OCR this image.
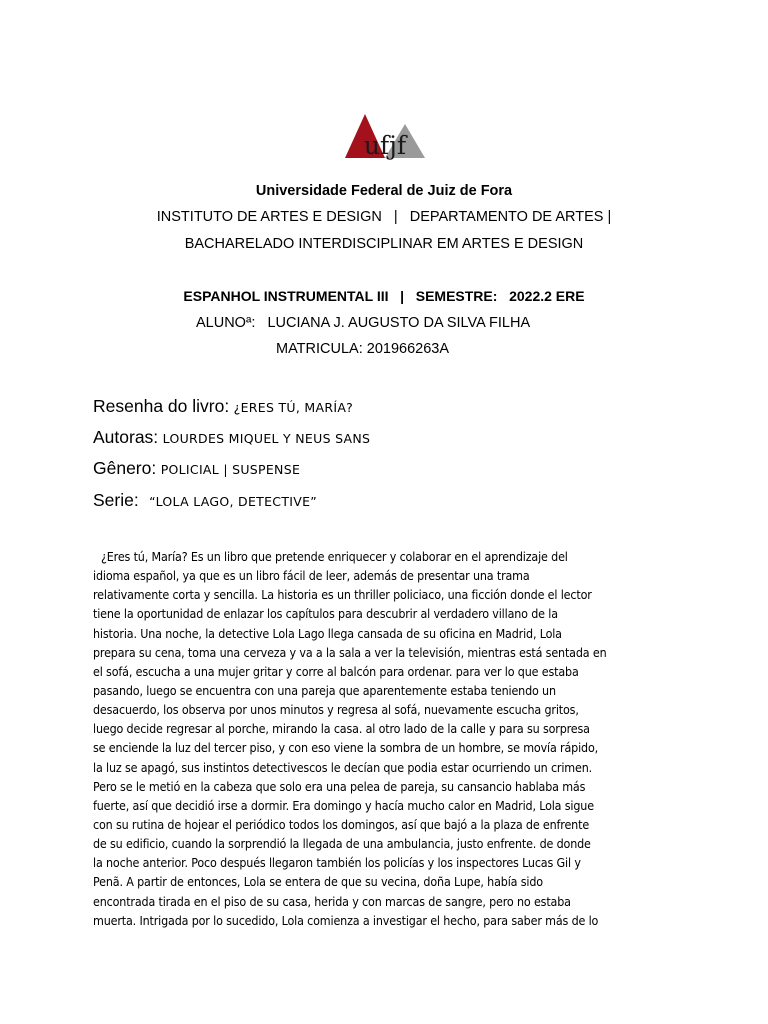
ufjf
Universidade Federal de Juiz de Fora
INSTITUTO DE ARTES E DESIGN   |   DEPARTAMENTO DE ARTES |
BACHARELADO INTERDISCIPLINAR EM ARTES E DESIGN
ESPANHOL INSTRUMENTAL III   |   SEMESTRE:   2022.2 ERE
ALUNOª:   LUCIANA J. AUGUSTO DA SILVA FILHA
MATRICULA: 201966263A
Resenha do livro: ¿ERES TÚ, MARÍA?
Autoras: LOURDES MIQUEL Y NEUS SANS
Gênero: POLICIAL | SUSPENSE
Serie: “LOLA LAGO, DETECTIVE”
¿Eres tú, María? Es un libro que pretende enriquecer y colaborar en el aprendizaje del
idioma español, ya que es un libro fácil de leer, además de presentar una trama
relativamente corta y sencilla. La historia es un thriller policiaco, una ficción donde el lector
tiene la oportunidad de enlazar los capítulos para descubrir al verdadero villano de la
historia. Una noche, la detective Lola Lago llega cansada de su oficina en Madrid, Lola
prepara su cena, toma una cerveza y va a la sala a ver la televisión, mientras está sentada en
el sofá, escucha a una mujer gritar y corre al balcón para ordenar. para ver lo que estaba
pasando, luego se encuentra con una pareja que aparentemente estaba teniendo un
desacuerdo, los observa por unos minutos y regresa al sofá, nuevamente escucha gritos,
luego decide regresar al porche, mirando la casa. al otro lado de la calle y para su sorpresa
se enciende la luz del tercer piso, y con eso viene la sombra de un hombre, se movía rápido,
la luz se apagó, sus instintos detectivescos le decían que podia estar ocurriendo un crimen.
Pero se le metió en la cabeza que solo era una pelea de pareja, su cansancio hablaba más
fuerte, así que decidió irse a dormir. Era domingo y hacía mucho calor en Madrid, Lola sigue
con su rutina de hojear el periódico todos los domingos, así que bajó a la plaza de enfrente
de su edificio, cuando la sorprendió la llegada de una ambulancia, justo enfrente. de donde
la noche anterior. Poco después llegaron también los policías y los inspectores Lucas Gil y
Penã. A partir de entonces, Lola se entera de que su vecina, doña Lupe, había sido
encontrada tirada en el piso de su casa, herida y con marcas de sangre, pero no estaba
muerta. Intrigada por lo sucedido, Lola comienza a investigar el hecho, para saber más de lo
